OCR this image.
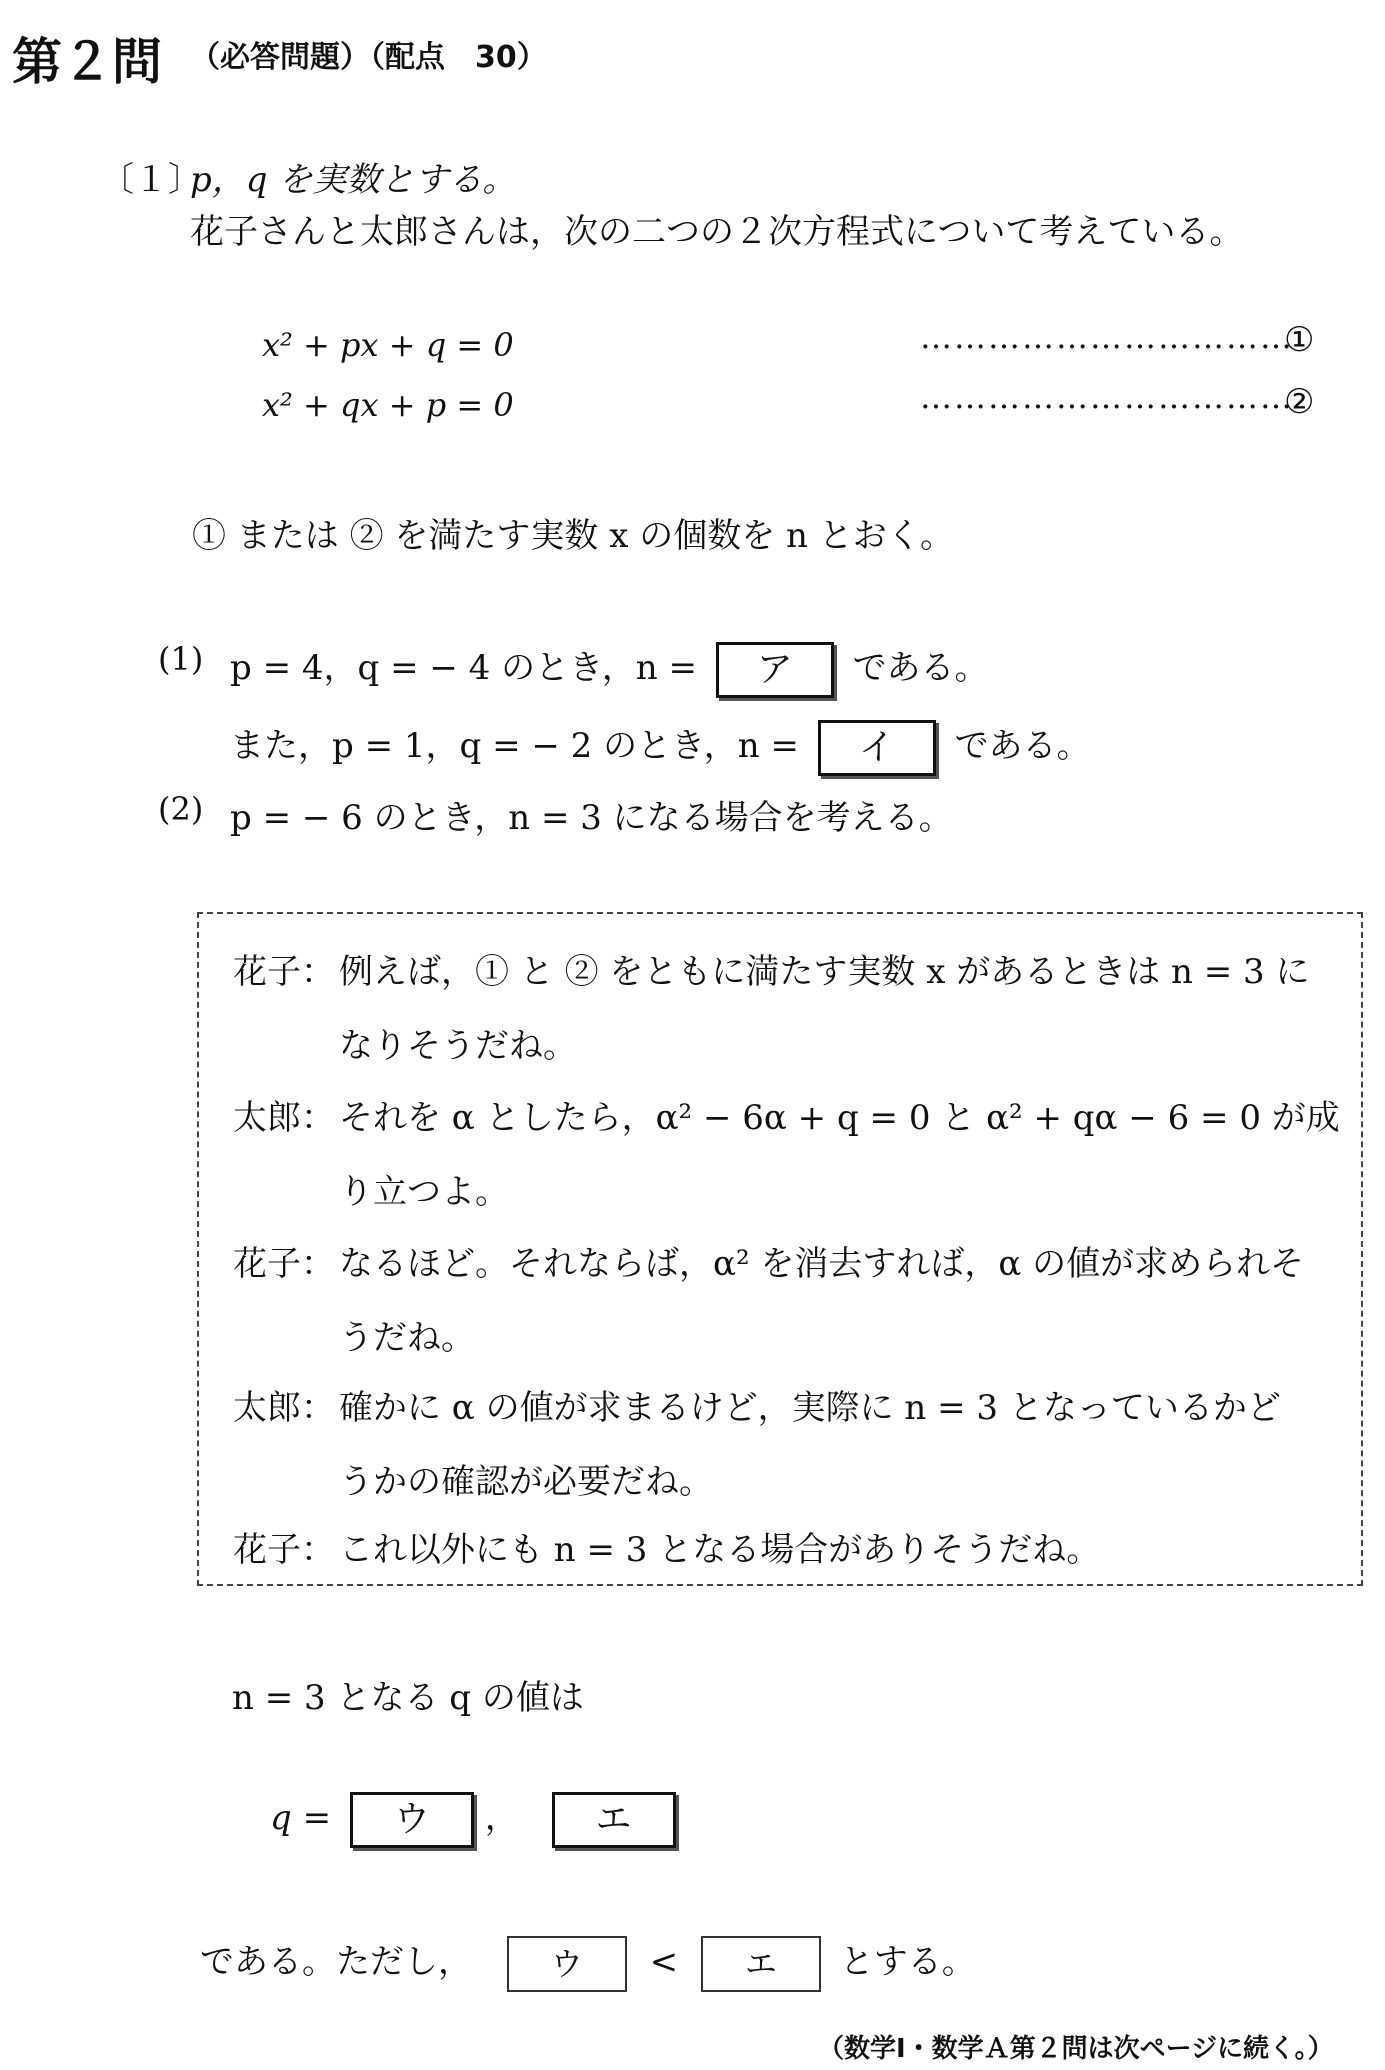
第２問 （必答問題）（配点　30）
〔１〕
p，q を実数とする。
花子さんと太郎さんは，次の二つの２次方程式について考えている。
x² + px + q = 0	……………………………
①
x² + qx + p = 0	……………………………
②
① または ② を満たす実数 x の個数を n とおく。
(1) p = 4，q = − 4 のとき，n = ア である。
また，p = 1，q = − 2 のとき，n = イ である。
(2) p = − 6 のとき，n = 3 になる場合を考える。
花子： 例えば，① と ② をともに満たす実数 x があるときは n = 3 に
なりそうだね。
太郎： それを α としたら，α² − 6α + q = 0 と α² + qα − 6 = 0 が成
り立つよ。
花子： なるほど。それならば，α² を消去すれば，α の値が求められそ
うだね。
太郎： 確かに α の値が求まるけど，実際に n = 3 となっているかど
うかの確認が必要だね。
花子： これ以外にも n = 3 となる場合がありそうだね。
n = 3 となる q の値は
q = ウ ， エ
である。ただし， ウ < エ とする。
（数学Ⅰ・数学Ａ第２問は次ページに続く。）
